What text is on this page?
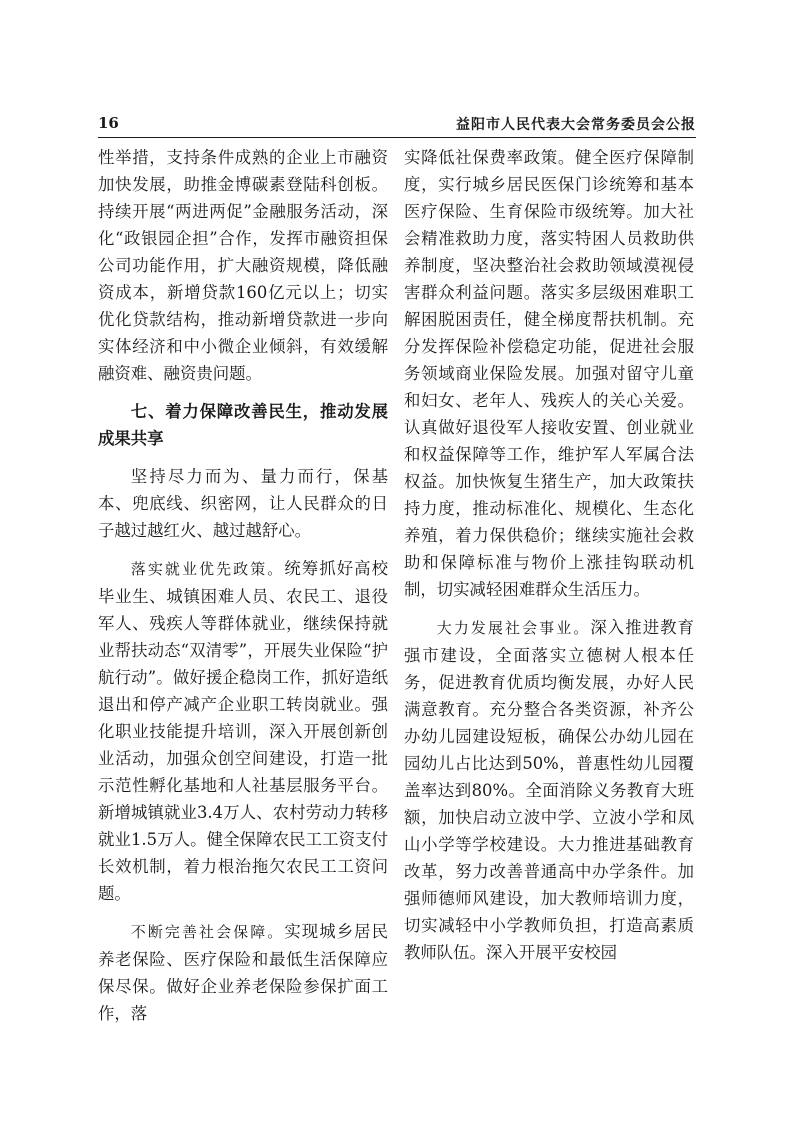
16	益阳市人民代表大会常务委员会公报

性举措，支持条件成熟的企业上市融资加快发展，助推金博碳素登陆科创板。持续开展“两进两促”金融服务活动，深化“政银园企担”合作，发挥市融资担保公司功能作用，扩大融资规模，降低融资成本，新增贷款160亿元以上；切实优化贷款结构，推动新增贷款进一步向实体经济和中小微企业倾斜，有效缓解融资难、融资贵问题。

七、着力保障改善民生，推动发展成果共享

坚持尽力而为、量力而行，保基本、兜底线、织密网，让人民群众的日子越过越红火、越过越舒心。

落实就业优先政策。统筹抓好高校毕业生、城镇困难人员、农民工、退役军人、残疾人等群体就业，继续保持就业帮扶动态“双清零”，开展失业保险“护航行动”。做好援企稳岗工作，抓好造纸退出和停产减产企业职工转岗就业。强化职业技能提升培训，深入开展创新创业活动，加强众创空间建设，打造一批示范性孵化基地和人社基层服务平台。新增城镇就业3.4万人、农村劳动力转移就业1.5万人。健全保障农民工工资支付长效机制，着力根治拖欠农民工工资问题。

不断完善社会保障。实现城乡居民养老保险、医疗保险和最低生活保障应保尽保。做好企业养老保险参保扩面工作，落

实降低社保费率政策。健全医疗保障制度，实行城乡居民医保门诊统筹和基本医疗保险、生育保险市级统筹。加大社会精准救助力度，落实特困人员救助供养制度，坚决整治社会救助领域漠视侵害群众利益问题。落实多层级困难职工解困脱困责任，健全梯度帮扶机制。充分发挥保险补偿稳定功能，促进社会服务领域商业保险发展。加强对留守儿童和妇女、老年人、残疾人的关心关爱。认真做好退役军人接收安置、创业就业和权益保障等工作，维护军人军属合法权益。加快恢复生猪生产，加大政策扶持力度，推动标准化、规模化、生态化养殖，着力保供稳价；继续实施社会救助和保障标准与物价上涨挂钩联动机制，切实减轻困难群众生活压力。

大力发展社会事业。深入推进教育强市建设，全面落实立德树人根本任务，促进教育优质均衡发展，办好人民满意教育。充分整合各类资源，补齐公办幼儿园建设短板，确保公办幼儿园在园幼儿占比达到50%，普惠性幼儿园覆盖率达到80%。全面消除义务教育大班额，加快启动立波中学、立波小学和凤山小学等学校建设。大力推进基础教育改革，努力改善普通高中办学条件。加强师德师风建设，加大教师培训力度，切实减轻中小学教师负担，打造高素质教师队伍。深入开展平安校园
